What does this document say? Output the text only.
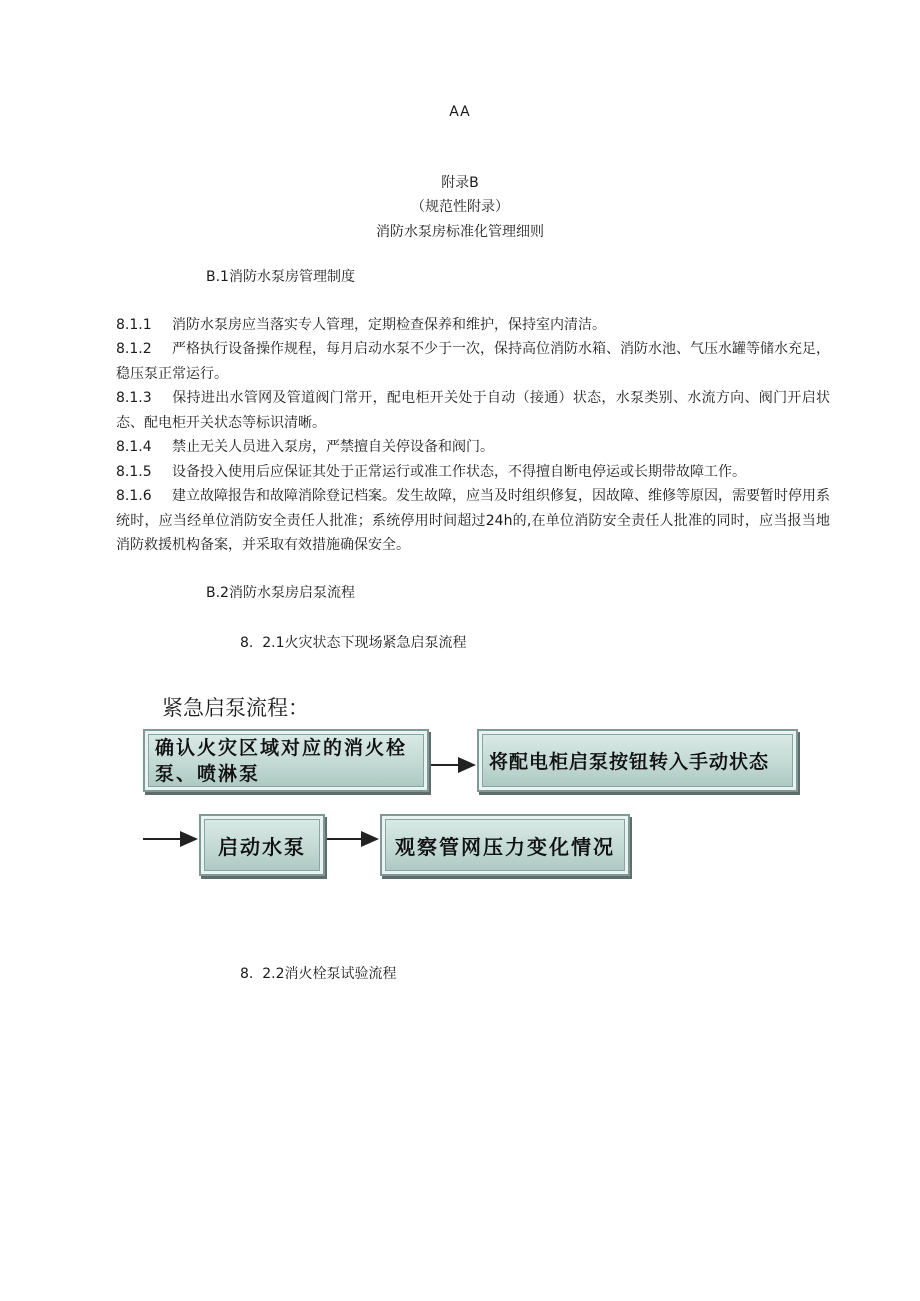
AA
附录B
（规范性附录）
消防水泵房标准化管理细则
B.1消防水泵房管理制度
8.1.1 消防水泵房应当落实专人管理，定期检查保养和维护，保持室内清洁。
8.1.2 严格执行设备操作规程，每月启动水泵不少于一次，保持高位消防水箱、消防水池、气压水罐等储水充足，稳压泵正常运行。
8.1.3 保持进出水管网及管道阀门常开，配电柜开关处于自动（接通）状态，水泵类别、水流方向、阀门开启状态、配电柜开关状态等标识清晰。
8.1.4 禁止无关人员进入泵房，严禁擅自关停设备和阀门。
8.1.5 设备投入使用后应保证其处于正常运行或准工作状态，不得擅自断电停运或长期带故障工作。
8.1.6 建立故障报告和故障消除登记档案。发生故障，应当及时组织修复，因故障、维修等原因，需要暂时停用系统时，应当经单位消防安全责任人批准；系统停用时间超过24h的,在单位消防安全责任人批准的同时，应当报当地消防救援机构备案，并采取有效措施确保安全。
B.2消防水泵房启泵流程
8.  2.1火灾状态下现场紧急启泵流程
紧急启泵流程：
确认火灾区域对应的消火栓泵、喷淋泵
将配电柜启泵按钮转入手动状态
启动水泵	观察管网压力变化情况
8.  2.2消火栓泵试验流程
